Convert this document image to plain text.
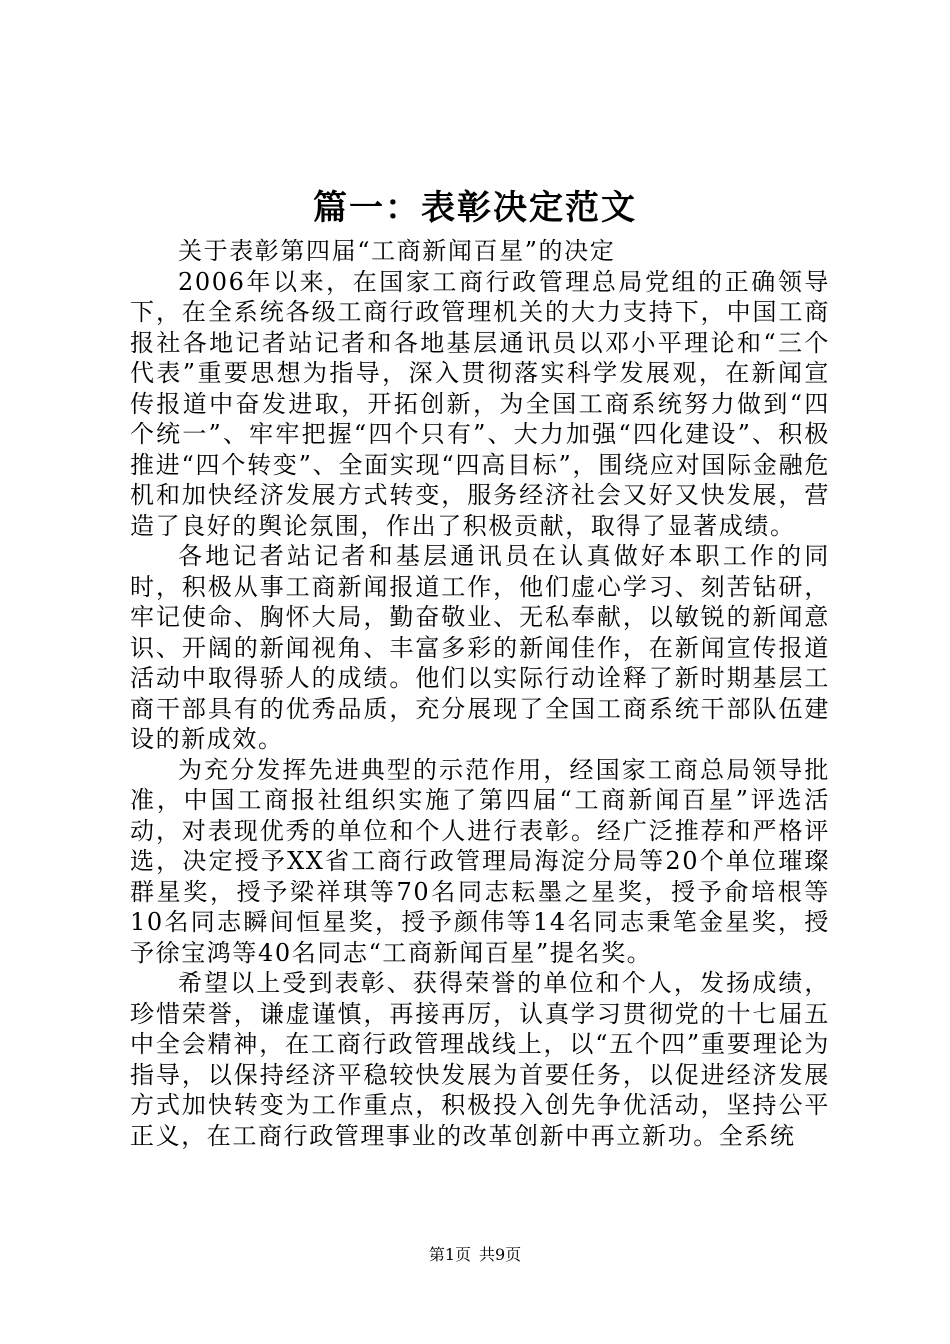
篇一：表彰决定范文

关于表彰第四届“工商新闻百星”的决定

2006年以来，在国家工商行政管理总局党组的正确领导下，在全系统各级工商行政管理机关的大力支持下，中国工商报社各地记者站记者和各地基层通讯员以邓小平理论和“三个代表”重要思想为指导，深入贯彻落实科学发展观，在新闻宣传报道中奋发进取，开拓创新，为全国工商系统努力做到“四个统一”、牢牢把握“四个只有”、大力加强“四化建设”、积极推进“四个转变”、全面实现“四高目标”，围绕应对国际金融危机和加快经济发展方式转变，服务经济社会又好又快发展，营造了良好的舆论氛围，作出了积极贡献，取得了显著成绩。

各地记者站记者和基层通讯员在认真做好本职工作的同时，积极从事工商新闻报道工作，他们虚心学习、刻苦钻研，牢记使命、胸怀大局，勤奋敬业、无私奉献，以敏锐的新闻意识、开阔的新闻视角、丰富多彩的新闻佳作，在新闻宣传报道活动中取得骄人的成绩。他们以实际行动诠释了新时期基层工商干部具有的优秀品质，充分展现了全国工商系统干部队伍建设的新成效。

为充分发挥先进典型的示范作用，经国家工商总局领导批准，中国工商报社组织实施了第四届“工商新闻百星”评选活动，对表现优秀的单位和个人进行表彰。经广泛推荐和严格评选，决定授予XX省工商行政管理局海淀分局等20个单位璀璨群星奖，授予梁祥琪等70名同志耘墨之星奖，授予俞培根等10名同志瞬间恒星奖，授予颜伟等14名同志秉笔金星奖，授予徐宝鸿等40名同志“工商新闻百星”提名奖。

希望以上受到表彰、获得荣誉的单位和个人，发扬成绩，珍惜荣誉，谦虚谨慎，再接再厉，认真学习贯彻党的十七届五中全会精神，在工商行政管理战线上，以“五个四”重要理论为指导，以保持经济平稳较快发展为首要任务，以促进经济发展方式加快转变为工作重点，积极投入创先争优活动，坚持公平正义，在工商行政管理事业的改革创新中再立新功。全系统

第1页 共9页
